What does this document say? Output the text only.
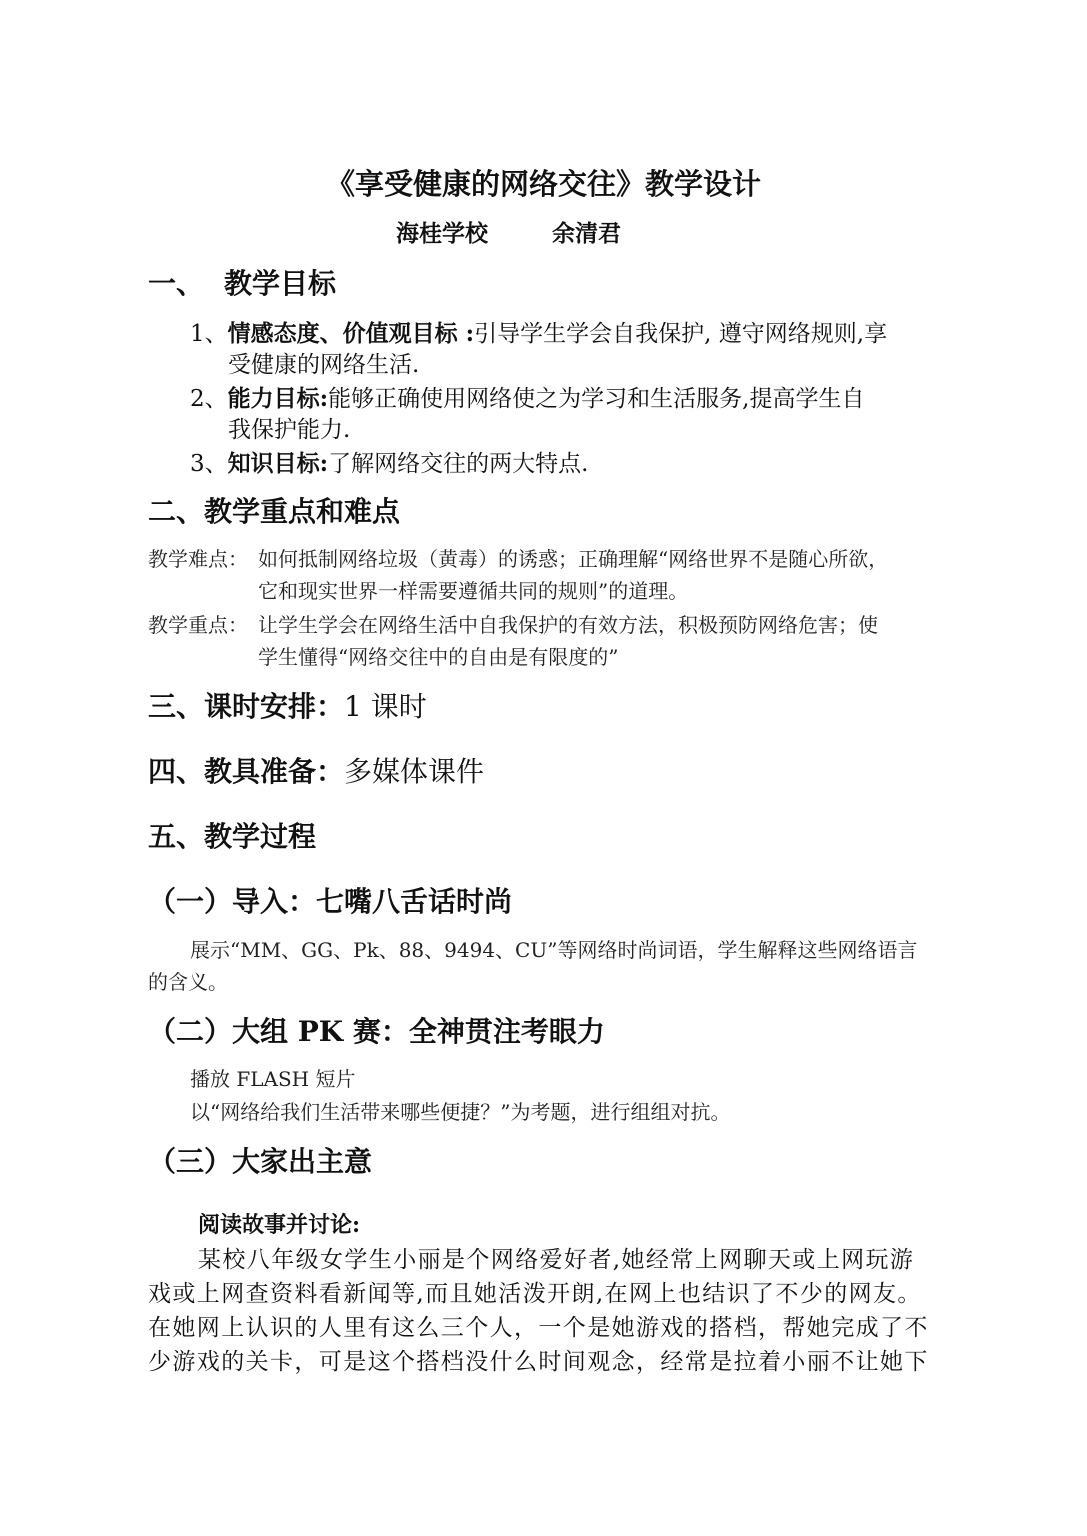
《享受健康的网络交往》教学设计
海桂学校	余清君
一、 教学目标
1、情感态度、价值观目标 :引导学生学会自我保护, 遵守网络规则,享
受健康的网络生活.
2、能力目标:能够正确使用网络使之为学习和生活服务,提高学生自
我保护能力.
3、知识目标:了解网络交往的两大特点.
二、教学重点和难点
教学难点： 如何抵制网络垃圾（黄毒）的诱惑；正确理解“网络世界不是随心所欲，
它和现实世界一样需要遵循共同的规则”的道理。
教学重点： 让学生学会在网络生活中自我保护的有效方法，积极预防网络危害；使
学生懂得“网络交往中的自由是有限度的”
三、课时安排：1 课时
四、教具准备：多媒体课件
五、教学过程
（一）导入：七嘴八舌话时尚
展示“MM、GG、Pk、88、9494、CU”等网络时尚词语，学生解释这些网络语言
的含义。
（二）大组 PK 赛：全神贯注考眼力
播放 FLASH 短片
以“网络给我们生活带来哪些便捷？”为考题，进行组组对抗。
（三）大家出主意
阅读故事并讨论:
某校八年级女学生小丽是个网络爱好者,她经常上网聊天或上网玩游
戏或上网查资料看新闻等,而且她活泼开朗,在网上也结识了不少的网友。
在她网上认识的人里有这么三个人，一个是她游戏的搭档，帮她完成了不
少游戏的关卡，可是这个搭档没什么时间观念，经常是拉着小丽不让她下
